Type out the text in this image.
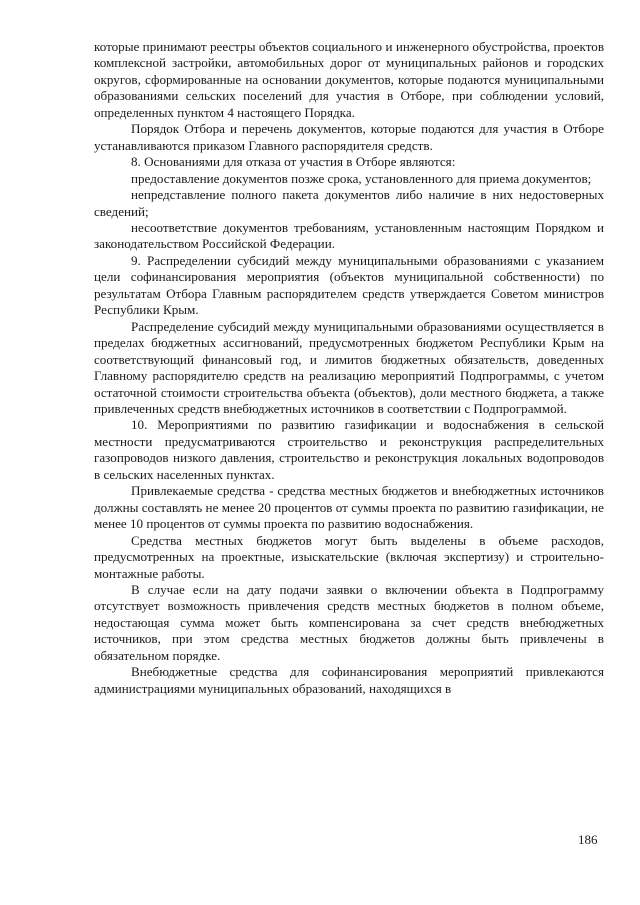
которые принимают реестры объектов социального и инженерного обустройства, проектов комплексной застройки, автомобильных дорог от муниципальных районов и городских округов, сформированные на основании документов, которые подаются муниципальными образованиями сельских поселений для участия в Отборе, при соблюдении условий, определенных пунктом 4 настоящего Порядка.

Порядок Отбора и перечень документов, которые подаются для участия в Отборе устанавливаются приказом Главного распорядителя средств.

8. Основаниями для отказа от участия в Отборе являются:

предоставление документов позже срока, установленного для приема документов;

непредставление полного пакета документов либо наличие в них недостоверных сведений;

несоответствие документов требованиям, установленным настоящим Порядком и законодательством Российской Федерации.

9. Распределении субсидий между муниципальными образованиями с указанием цели софинансирования мероприятия (объектов муниципальной собственности) по результатам Отбора Главным распорядителем средств утверждается Советом министров Республики Крым.

Распределение субсидий между муниципальными образованиями осуществляется в пределах бюджетных ассигнований, предусмотренных бюджетом Республики Крым на соответствующий финансовый год, и лимитов бюджетных обязательств, доведенных Главному распорядителю средств на реализацию мероприятий Подпрограммы, с учетом остаточной стоимости строительства объекта (объектов), доли местного бюджета, а также привлеченных средств внебюджетных источников в соответствии с Подпрограммой.

10. Мероприятиями по развитию газификации и водоснабжения в сельской местности предусматриваются строительство и реконструкция распределительных газопроводов низкого давления, строительство и реконструкция локальных водопроводов в сельских населенных пунктах.

Привлекаемые средства - средства местных бюджетов и внебюджетных источников должны составлять не менее 20 процентов от суммы проекта по развитию газификации, не менее 10 процентов от суммы проекта по развитию водоснабжения.

Средства местных бюджетов могут быть выделены в объеме расходов, предусмотренных на проектные, изыскательские (включая экспертизу) и строительно-монтажные работы.

В случае если на дату подачи заявки о включении объекта в Подпрограмму отсутствует возможность привлечения средств местных бюджетов в полном объеме, недостающая сумма может быть компенсирована за счет средств внебюджетных источников, при этом средства местных бюджетов должны быть привлечены в обязательном порядке.

Внебюджетные средства для софинансирования мероприятий привлекаются администрациями муниципальных образований, находящихся в

186
